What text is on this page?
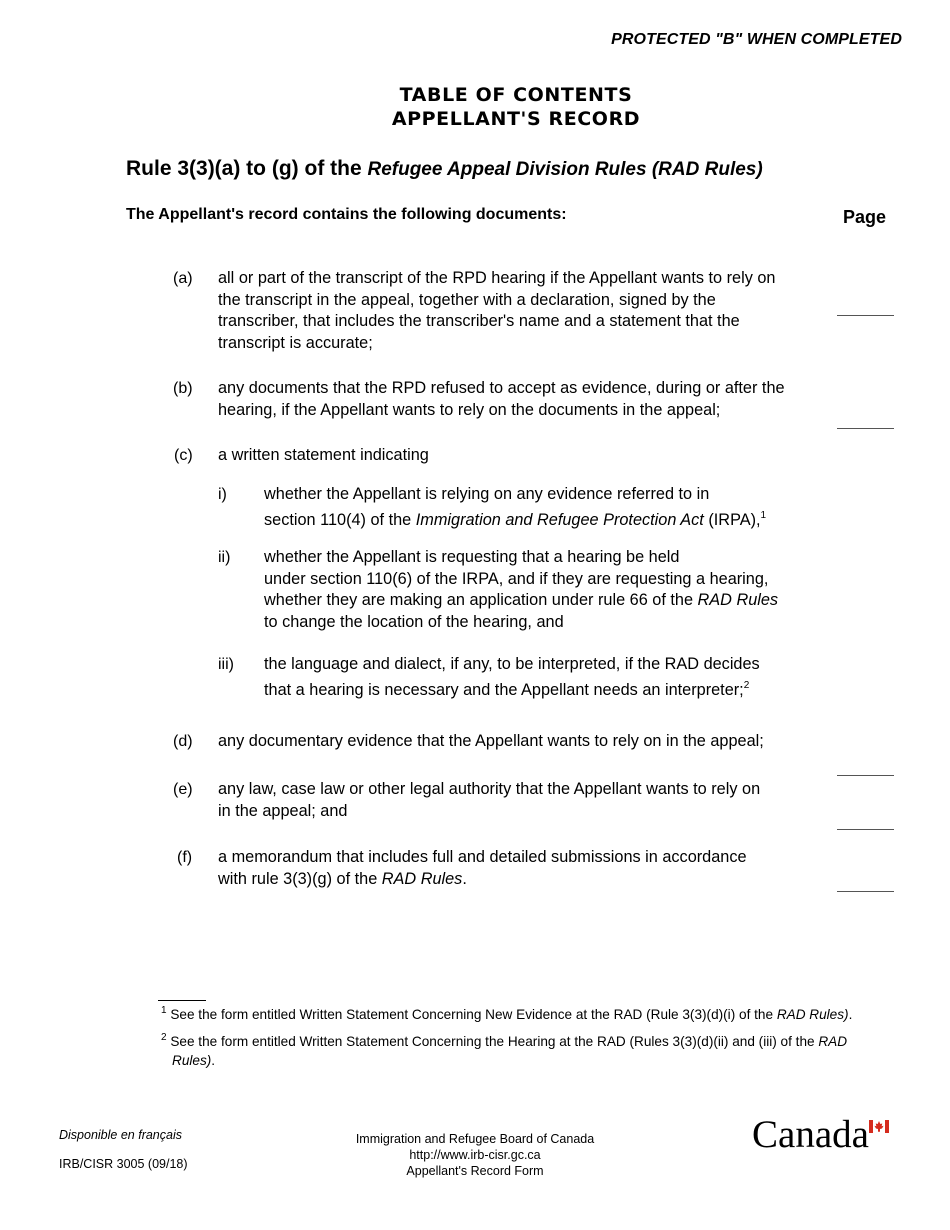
PROTECTED "B" WHEN COMPLETED
TABLE OF CONTENTS
APPELLANT'S RECORD
Rule 3(3)(a) to (g) of the Refugee Appeal Division Rules (RAD Rules)
The Appellant's record contains the following documents:	Page
(a) all or part of the transcript of the RPD hearing if the Appellant wants to rely on
the transcript in the appeal, together with a declaration, signed by the
transcriber, that includes the transcriber's name and a statement that the
transcript is accurate;
(b) any documents that the RPD refused to accept as evidence, during or after the
hearing, if the Appellant wants to rely on the documents in the appeal;
(c) a written statement indicating
i) whether the Appellant is relying on any evidence referred to in
section 110(4) of the Immigration and Refugee Protection Act (IRPA),$^1$
ii) whether the Appellant is requesting that a hearing be held
under section 110(6) of the IRPA, and if they are requesting a hearing,
whether they are making an application under rule 66 of the RAD Rules
to change the location of the hearing, and
iii) the language and dialect, if any, to be interpreted, if the RAD decides
that a hearing is necessary and the Appellant needs an interpreter;$^2$
(d) any documentary evidence that the Appellant wants to rely on in the appeal;
(e) any law, case law or other legal authority that the Appellant wants to rely on
in the appeal; and
(f) a memorandum that includes full and detailed submissions in accordance
with rule 3(3)(g) of the RAD Rules.
$^1$ See the form entitled Written Statement Concerning New Evidence at the RAD (Rule 3(3)(d)(i) of the RAD Rules).
$^2$ See the form entitled Written Statement Concerning the Hearing at the RAD (Rules 3(3)(d)(ii) and (iii) of the RAD
Rules).
Disponible en français
IRB/CISR 3005 (09/18)
Immigration and Refugee Board of Canada
http://www.irb-cisr.gc.ca
Appellant's Record Form
Canada
